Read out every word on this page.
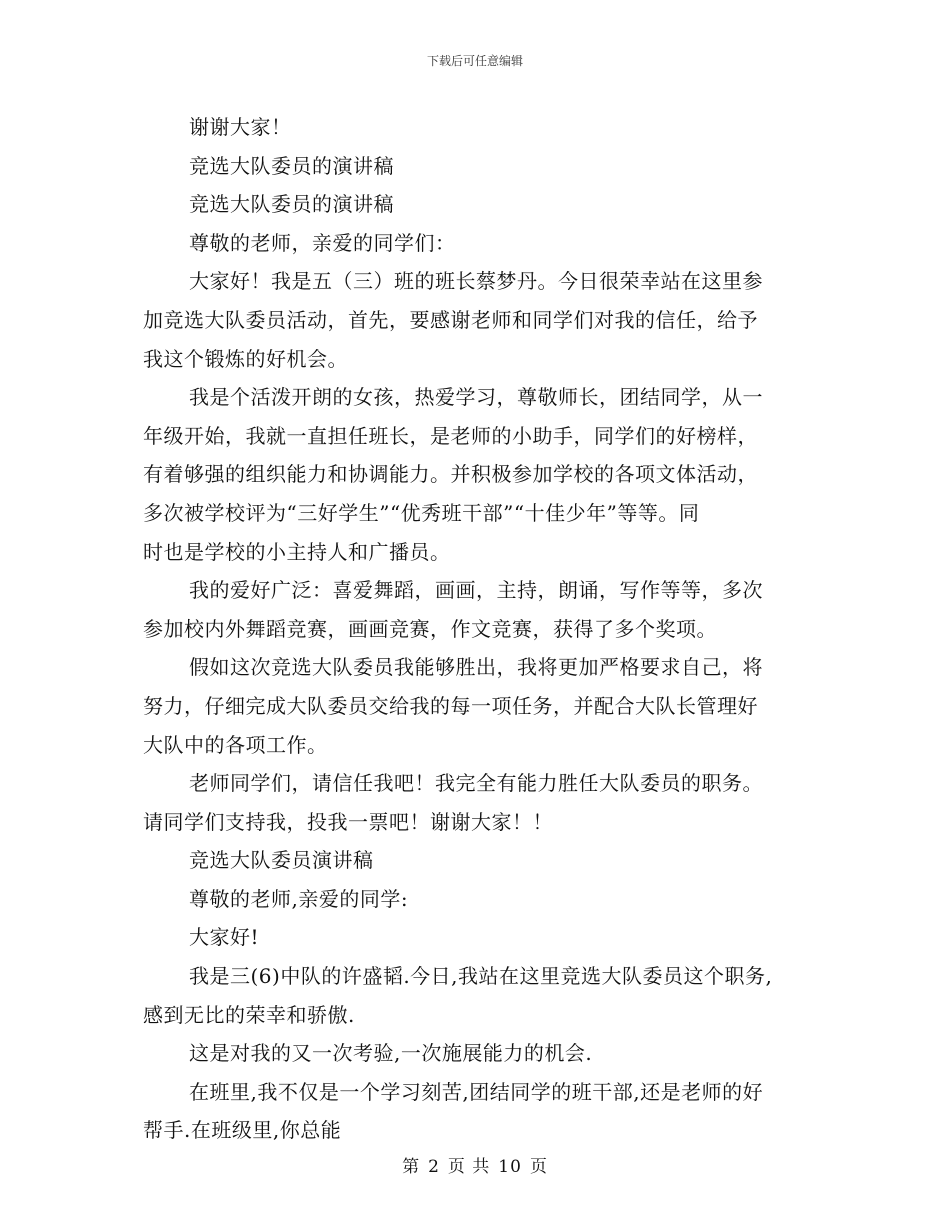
下载后可任意编辑
谢谢大家！
竞选大队委员的演讲稿
竞选大队委员的演讲稿
尊敬的老师，亲爱的同学们：
大家好！我是五（三）班的班长蔡梦丹。今日很荣幸站在这里参
加竞选大队委员活动，首先，要感谢老师和同学们对我的信任，给予
我这个锻炼的好机会。
我是个活泼开朗的女孩，热爱学习，尊敬师长，团结同学，从一
年级开始，我就一直担任班长，是老师的小助手，同学们的好榜样，
有着够强的组织能力和协调能力。并积极参加学校的各项文体活动，
多次被学校评为“三好学生”“优秀班干部”“十佳少年”等等。同
时也是学校的小主持人和广播员。
我的爱好广泛：喜爱舞蹈，画画，主持，朗诵，写作等等，多次
参加校内外舞蹈竞赛，画画竞赛，作文竞赛，获得了多个奖项。
假如这次竞选大队委员我能够胜出，我将更加严格要求自己，将
努力，仔细完成大队委员交给我的每一项任务，并配合大队长管理好
大队中的各项工作。
老师同学们，请信任我吧！我完全有能力胜任大队委员的职务。
请同学们支持我，投我一票吧！谢谢大家！！
竞选大队委员演讲稿
尊敬的老师,亲爱的同学:
大家好!
我是三(6)中队的许盛韬.今日,我站在这里竞选大队委员这个职务,
感到无比的荣幸和骄傲.
这是对我的又一次考验,一次施展能力的机会.
在班里,我不仅是一个学习刻苦,团结同学的班干部,还是老师的好
帮手.在班级里,你总能
第 2 页 共 10 页
